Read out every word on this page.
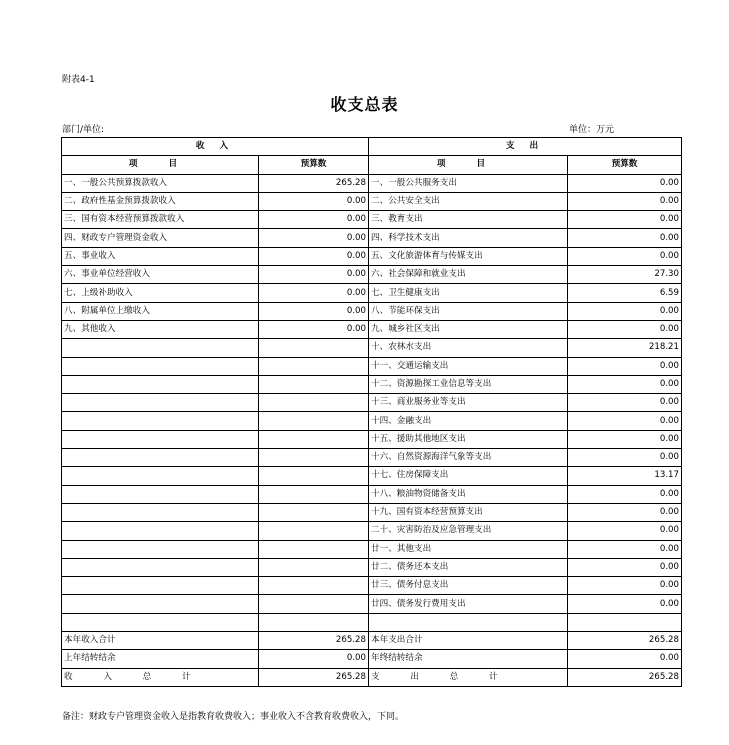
附表4-1
收支总表
部门/单位:	单位：万元
收 入		支 出	
项 目	预算数	项 目	预算数
一、一般公共预算拨款收入	265.28	一、一般公共服务支出	0.00
二、政府性基金预算拨款收入	0.00	二、公共安全支出	0.00
三、国有资本经营预算拨款收入	0.00	三、教育支出	0.00
四、财政专户管理资金收入	0.00	四、科学技术支出	0.00
五、事业收入	0.00	五、文化旅游体育与传媒支出	0.00
六、事业单位经营收入	0.00	六、社会保障和就业支出	27.30
七、上级补助收入	0.00	七、卫生健康支出	6.59
八、附属单位上缴收入	0.00	八、节能环保支出	0.00
九、其他收入	0.00	九、城乡社区支出	0.00
		十、农林水支出	218.21
		十一、交通运输支出	0.00
		十二、资源勘探工业信息等支出	0.00
		十三、商业服务业等支出	0.00
		十四、金融支出	0.00
		十五、援助其他地区支出	0.00
		十六、自然资源海洋气象等支出	0.00
		十七、住房保障支出	13.17
		十八、粮油物资储备支出	0.00
		十九、国有资本经营预算支出	0.00
		二十、灾害防治及应急管理支出	0.00
		廿一、其他支出	0.00
		廿二、债务还本支出	0.00
		廿三、债务付息支出	0.00
		廿四、债务发行费用支出	0.00

本年收入合计	265.28	本年支出合计	265.28
上年结转结余	0.00	年终结转结余	0.00
收 入 总 计	265.28	支 出 总 计	265.28
备注：财政专户管理资金收入是指教育收费收入；事业收入不含教育收费收入，下同。
